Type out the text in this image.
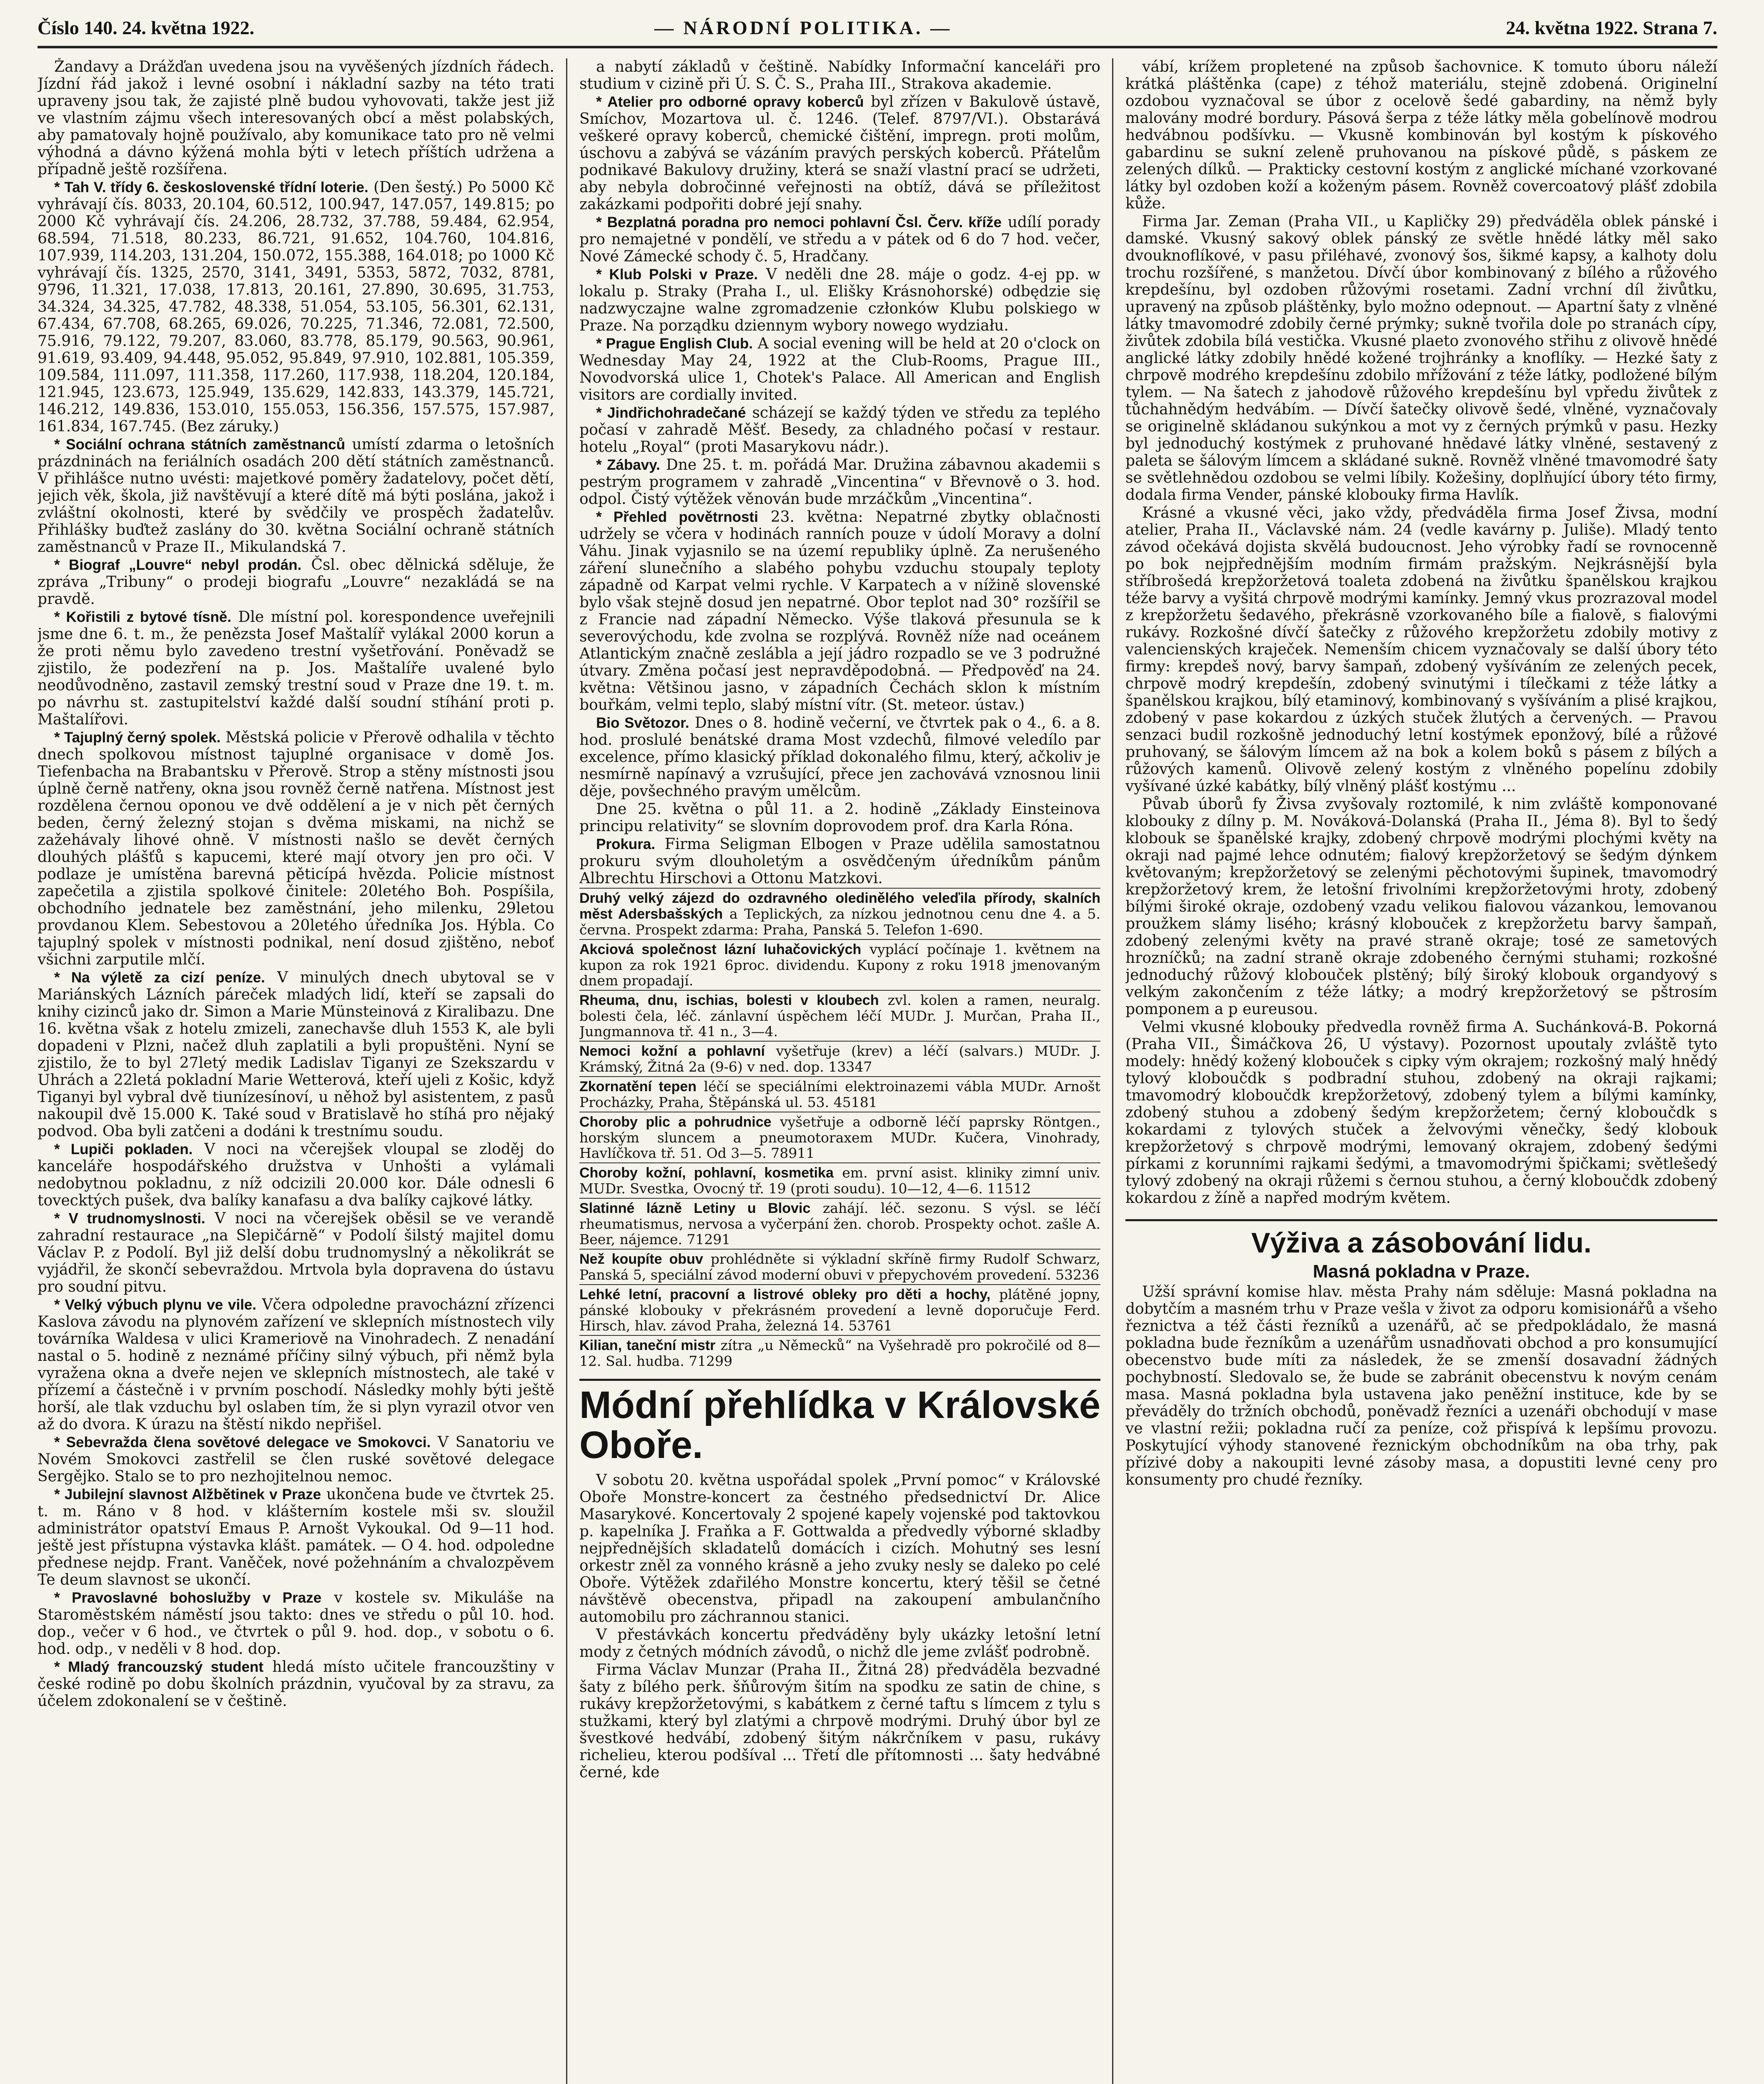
Číslo 140. 24. května 1922.	— NÁRODNÍ POLITIKA. —	24. května 1922. Strana 7.

Žandavy a Drážďan uvedena jsou na vyvěšených jízdních řádech. Jízdní řád jakož i levné osobní i nákladní sazby na této trati upraveny jsou tak, že zajisté plně budou vyhovovati, takže jest již ve vlastním zájmu všech interesovaných obcí a měst polabských, aby pamatovaly hojně používalo, aby komunikace tato pro ně velmi výhodná a dávno kýžená mohla býti v letech příštích udržena a případně ještě rozšířena.

* Tah V. třídy 6. československé třídní loterie. (Den šestý.) Po 5000 Kč vyhrávají čís. 8033, 20.104, 60.512, 100.947, 147.057, 149.815; po 2000 Kč vyhrávají čís. 24.206, 28.732, 37.788, 59.484, 62.954, 68.594, 71.518, 80.233, 86.721, 91.652, 104.760, 104.816, 107.939, 114.203, 131.204, 150.072, 155.388, 164.018; po 1000 Kč vyhrávají čís. 1325, 2570, 3141, 3491, 5353, 5872, 7032, 8781, 9796, 11.321, 17.038, 17.813, 20.161, 27.890, 30.695, 31.753, 34.324, 34.325, 47.782, 48.338, 51.054, 53.105, 56.301, 62.131, 67.434, 67.708, 68.265, 69.026, 70.225, 71.346, 72.081, 72.500, 75.916, 79.122, 79.207, 83.060, 83.778, 85.179, 90.563, 90.961, 91.619, 93.409, 94.448, 95.052, 95.849, 97.910, 102.881, 105.359, 109.584, 111.097, 111.358, 117.260, 117.938, 118.204, 120.184, 121.945, 123.673, 125.949, 135.629, 142.833, 143.379, 145.721, 146.212, 149.836, 153.010, 155.053, 156.356, 157.575, 157.987, 161.834, 167.745. (Bez záruky.)

* Sociální ochrana státních zaměstnanců umístí zdarma o letošních prázdninách na feriálních osadách 200 dětí státních zaměstnanců. V přihlášce nutno uvésti: majetkové poměry žadatelovy, počet dětí, jejich věk, škola, již navštěvují a které dítě má býti poslána, jakož i zvláštní okolnosti, které by svědčily ve prospěch žadatelův. Přihlášky buďtež zaslány do 30. května Sociální ochraně státních zaměstnanců v Praze II., Mikulandská 7.

* Biograf „Louvre“ nebyl prodán. Čsl. obec dělnická sděluje, že zpráva „Tribuny“ o prodeji biografu „Louvre“ nezakládá se na pravdě.

* Kořistili z bytové tísně. Dle místní pol. korespondence uveřejnili jsme dne 6. t. m., že penězsta Josef Maštalíř vylákal 2000 korun a že proti němu bylo zavedeno trestní vyšetřování. Poněvadž se zjistilo, že podezření na p. Jos. Maštalíře uvalené bylo neodůvodněno, zastavil zemský trestní soud v Praze dne 19. t. m. po návrhu st. zastupitelství každé další soudní stíhání proti p. Maštalířovi.

* Tajuplný černý spolek. Městská policie v Přerově odhalila v těchto dnech spolkovou místnost tajuplné organisace v domě Jos. Tiefenbacha na Brabantsku v Přerově. Strop a stěny místnosti jsou úplně černě natřeny, okna jsou rovněž černě natřena. Místnost jest rozdělena černou oponou ve dvě oddělení a je v nich pět černých beden, černý železný stojan s dvěma miskami, na nichž se zažehávaly lihové ohně. V místnosti našlo se devět černých dlouhých plášťů s kapucemi, které mají otvory jen pro oči. V podlaze je umístěna barevná pěticípá hvězda. Policie místnost zapečetila a zjistila spolkové činitele: 20letého Boh. Pospíšila, obchodního jednatele bez zaměstnání, jeho milenku, 29letou provdanou Klem. Sebestovou a 20letého úředníka Jos. Hýbla. Co tajuplný spolek v místnosti podnikal, není dosud zjištěno, neboť všichni zarputile mlčí.

* Na výletě za cizí peníze. V minulých dnech ubytoval se v Mariánských Lázních páreček mladých lidí, kteří se zapsali do knihy cizinců jako dr. Simon a Marie Münsteinová z Kiralibazu. Dne 16. května však z hotelu zmizeli, zanechavše dluh 1553 K, ale byli dopadeni v Plzni, načež dluh zaplatili a byli propuštěni. Nyní se zjistilo, že to byl 27letý medik Ladislav Tiganyi ze Szekszardu v Uhrách a 22letá pokladní Marie Wetterová, kteří ujeli z Košic, když Tiganyi byl vybral dvě tiunízesínoví, u něhož byl asistentem, z pasů nakoupil dvě 15.000 K. Také soud v Bratislavě ho stíhá pro nějaký podvod. Oba byli zatčeni a dodáni k trestnímu soudu.

* Lupiči pokladen. V noci na včerejšek vloupal se zloděj do kanceláře hospodářského družstva v Unhošti a vylámali nedobytnou pokladnu, z níž odcizili 20.000 kor. Dále odnesli 6 tovecktých pušek, dva balíky kanafasu a dva balíky cajkové látky.

* V trudnomyslnosti. V noci na včerejšek oběsil se ve verandě zahradní restaurace „na Slepičárně“ v Podolí šilstý majitel domu Václav P. z Podolí. Byl již delší dobu trudnomyslný a několikrát se vyjádřil, že skončí sebevraždou. Mrtvola byla dopravena do ústavu pro soudní pitvu.

* Velký výbuch plynu ve vile. Včera odpoledne pravocházní zřízenci Kaslova závodu na plynovém zařízení ve sklepních místnostech vily továrníka Waldesa v ulici Krameriově na Vinohradech. Z nenadání nastal o 5. hodině z neznámé příčiny silný výbuch, při němž byla vyražena okna a dveře nejen ve sklepních místnostech, ale také v přízemí a částečně i v prvním poschodí. Následky mohly býti ještě horší, ale tlak vzduchu byl oslaben tím, že si plyn vyrazil otvor ven až do dvora. K úrazu na štěstí nikdo nepřišel.

* Sebevražda člena sovětové delegace ve Smokovci. V Sanatoriu ve Novém Smokovci zastřelil se člen ruské sovětové delegace Sergějko. Stalo se to pro nezhojitelnou nemoc.

* Jubilejní slavnost Alžbětinek v Praze ukončena bude ve čtvrtek 25. t. m. Ráno v 8 hod. v klášterním kostele mši sv. sloužil administrátor opatství Emaus P. Arnošt Vykoukal. Od 9—11 hod. ještě jest přístupna výstavka klášt. památek. — O 4. hod. odpoledne přednese nejdp. Frant. Vaněček, nové požehnáním a chvalozpěvem Te deum slavnost se ukončí.

* Pravoslavné bohoslužby v Praze v kostele sv. Mikuláše na Staroměstském náměstí jsou takto: dnes ve středu o půl 10. hod. dop., večer v 6 hod., ve čtvrtek o půl 9. hod. dop., v sobotu o 6. hod. odp., v neděli v 8 hod. dop.

* Mladý francouzský student hledá místo učitele francouzštiny v české rodině po dobu školních prázdnin, vyučoval by za stravu, za účelem zdokonalení se v češtině.

a nabytí základů v češtině. Nabídky Informační kanceláři pro studium v cizině při Ú. S. Č. S., Praha III., Strakova akademie.

* Atelier pro odborné opravy koberců byl zřízen v Bakulově ústavě, Smíchov, Mozartova ul. č. 1246. (Telef. 8797/VI.). Obstarává veškeré opravy koberců, chemické čištění, impregn. proti molům, úschovu a zabývá se vázáním pravých perských koberců. Přátelům podnikavé Bakulovy družiny, která se snaží vlastní prací se udržeti, aby nebyla dobročinné veřejnosti na obtíž, dává se příležitost zakázkami podpořiti dobré její snahy.

* Bezplatná poradna pro nemoci pohlavní Čsl. Červ. kříže udílí porady pro nemajetné v pondělí, ve středu a v pátek od 6 do 7 hod. večer, Nové Zámecké schody č. 5, Hradčany.

* Klub Polski v Praze. V neděli dne 28. máje o godz. 4-ej pp. w lokalu p. Straky (Praha I., ul. Elišky Krásnohorské) odbędzie się nadzwyczajne walne zgromadzenie członków Klubu polskiego w Praze. Na porządku dziennym wybory nowego wydziału.

* Prague English Club. A social evening will be held at 20 o'clock on Wednesday May 24, 1922 at the Club-Rooms, Prague III., Novodvorská ulice 1, Chotek's Palace. All American and English visitors are cordially invited.

* Jindřichohradečané scházejí se každý týden ve středu za teplého počasí v zahradě Měšť. Besedy, za chladného počasí v restaur. hotelu „Royal“ (proti Masarykovu nádr.).

* Zábavy. Dne 25. t. m. pořádá Mar. Družina zábavnou akademii s pestrým programem v zahradě „Vincentina“ v Břevnově o 3. hod. odpol. Čistý výtěžek věnován bude mrzáčkům „Vincentina“.

* Přehled povětrnosti 23. května: Nepatrné zbytky oblačnosti udržely se včera v hodinách ranních pouze v údolí Moravy a dolní Váhu. Jinak vyjasnilo se na území republiky úplně. Za nerušeného záření slunečního a slabého pohybu vzduchu stoupaly teploty západně od Karpat velmi rychle. V Karpatech a v nížině slovenské bylo však stejně dosud jen nepatrné. Obor teplot nad 30° rozšířil se z Francie nad západní Německo. Výše tlaková přesunula se k severovýchodu, kde zvolna se rozplývá. Rovněž níže nad oceánem Atlantickým značně zeslábla a její jádro rozpadlo se ve 3 podružné útvary. Změna počasí jest nepravděpodobná. — Předpověď na 24. května: Většinou jasno, v západních Čechách sklon k místním bouřkám, velmi teplo, slabý místní vítr. (St. meteor. ústav.)

Bio Světozor. Dnes o 8. hodině večerní, ve čtvrtek pak o 4., 6. a 8. hod. proslulé benátské drama Most vzdechů, filmové veledílo par excelence, přímo klasický příklad dokonalého filmu, který, ačkoliv je nesmírně napínavý a vzrušující, přece jen zachovává vznosnou linii děje, povšechného pravým umělcům.

Dne 25. května o půl 11. a 2. hodině „Základy Einsteinova principu relativity“ se slovním doprovodem prof. dra Karla Róna.

Prokura. Firma Seligman Elbogen v Praze udělila samostatnou prokuru svým dlouholetým a osvědčeným úředníkům pánům Albrechtu Hirschovi a Ottonu Matzkovi.

Druhý velký zájezd do ozdravného oledinělého veleďila přírody, skalních měst Adersbašských a Teplických, za nízkou jednotnou cenu dne 4. a 5. června. Prospekt zdarma: Praha, Panská 5. Telefon 1-690.

Akciová společnost lázní luhačovických vyplácí počínaje 1. květnem na kupon za rok 1921 6proc. dividendu. Kupony z roku 1918 jmenovaným dnem propadají.

Rheuma, dnu, ischias, bolesti v kloubech zvl. kolen a ramen, neuralg. bolesti čela, léč. zánlavní úspěchem léčí MUDr. J. Murčan, Praha II., Jungmannova tř. 41 n., 3—4.

Nemoci kožní a pohlavní vyšetřuje (krev) a léčí (salvars.) MUDr. J. Krámský, Žitná 2a (9-6) v ned. dop. 13347

Zkornatění tepen léčí se speciálními elektroinazemi vábla MUDr. Arnošt Procházky, Praha, Štěpánská ul. 53. 45181

Choroby plic a pohrudnice vyšetřuje a odborně léčí paprsky Röntgen., horským sluncem a pneumotoraxem MUDr. Kučera, Vinohrady, Havlíčkova tř. 51. Od 3—5. 78911

Choroby kožní, pohlavní, kosmetika em. první asist. kliniky zimní univ. MUDr. Svestka, Ovocný tř. 19 (proti soudu). 10—12, 4—6. 11512

Slatinné lázně Letiny u Blovic zahájí. léč. sezonu. S výsl. se léčí rheumatismus, nervosa a vyčerpání žen. chorob. Prospekty ochot. zašle A. Beer, nájemce. 71291

Než koupíte obuv prohlédněte si výkladní skříně firmy Rudolf Schwarz, Panská 5, speciální závod moderní obuvi v přepychovém provedení. 53236

Lehké letní, pracovní a listrové oblekу pro děti a hochy, plátěné jopny, pánské klobouky v překrásném provedení a levně doporučuje Ferd. Hirsch, hlav. závod Praha, železná 14. 53761

Kilian, taneční mistr zítra „u Německů“ na Vyšehradě pro pokročilé od 8—12. Sal. hudba. 71299

Módní přehlídka v Královské Oboře.

V sobotu 20. května uspořádal spolek „První pomoc“ v Královské Oboře Monstre-koncert za čestného předsednictví Dr. Alice Masarykové. Koncertovaly 2 spojené kapely vojenské pod taktovkou p. kapelníka J. Fraňka a F. Gottwalda a předvedly výborné skladby nejpřednějších skladatelů domácích i cizích. Mohutný ses lesní orkestr zněl za vonného krásně a jeho zvuky nesly se daleko po celé Oboře. Výtěžek zdařilého Monstre koncertu, který těšil se četné návštěvě obecenstva, připadl na zakoupení ambulančního automobilu pro záchrannou stanici.

V přestávkách koncertu předváděny byly ukázky letošní letní mody z četných módních závodů, o nichž dle jeme zvlášť podrobně.

Firma Václav Munzar (Praha II., Žitná 28) předváděla bezvadné šaty z bílého perk. šňůrovým šitím na spodku ze satin de chine, s rukávy krepžoržetovými, s kabátkem z černé taftu s límcem z tylu s stužkami, který byl zlatými a chrpově modrými. Druhý úbor byl ze švestkové hedvábí, zdobený šitým nákrčníkem v pasu, rukávy richelieu, kterou podšíval ... Třetí dle přítomnosti ... šaty hedvábné černé, kde

vábí, krížem propletené na způsob šachovnice. K tomuto úboru náleží krátká pláštěnka (cape) z téhož materiálu, stejně zdobená. Originelní ozdobou vyznačoval se úbor z ocelově šedé gabardiny, na němž byly malovány modré bordury. Pásová šerpa z téže látky měla gobelínově modrou hedvábnou podšívku. — Vkusně kombinován byl kostým k pískového gabardinu se sukní zeleně pruhovanou na pískové půdě, s páskem ze zelených dílků. — Prakticky cestovní kostým z anglické míchané vzorkované látky byl ozdoben koží a koženým pásem. Rovněž covercoatový plášť zdobila kůže.

Firma Jar. Zeman (Praha VII., u Kapličky 29) předváděla oblek pánské i damské. Vkusný sakový oblek pánský ze světle hnědé látky měl sako dvouknoflíkové, v pasu přiléhavé, zvonový šos, šikmé kapsy, a kalhoty dolu trochu rozšířené, s manžetou. Dívčí úbor kombinovaný z bílého a růžového krepdešínu, byl ozdoben růžovými rosetami. Zadní vrchní díl živůtku, upravený na způsob pláštěnky, bylo možno odepnout. — Apartní šaty z vlněné látky tmavomodré zdobily černé prýmky; sukně tvořila dole po stranách cípy, živůtek zdobila bílá vestička. Vkusné plaeto zvonového střihu z olivově hnědé anglické látky zdobily hnědé kožené trojhránky a knoflíky. — Hezké šaty z chrpově modrého krepdešínu zdobilo mřížování z téže látky, podložené bílým tylem. — Na šatech z jahodově růžového krepdešínu byl vpředu živůtek z tůchahnědým hedvábím. — Dívčí šatečky olivově šedé, vlněné, vyznačovaly se originelně skládanou sukýnkou a mot vy z černých prýmků v pasu. Hezky byl jednoduchý kostýmek z pruhované hnědavé látky vlněné, sestavený z paleta se šálovým límcem a skládané sukně. Rovněž vlněné tmavomodré šaty se světlehnědou ozdobou se velmi líbily. Kožešiny, doplňující úbory této firmy, dodala firma Vender, pánské klobouky firma Havlík.

Krásné a vkusné věci, jako vždy, předváděla firma Josef Živsa, modní atelier, Praha II., Václavské nám. 24 (vedle kavárny p. Juliše). Mladý tento závod očekává dojista skvělá budoucnost. Jeho výrobky řadí se rovnocenně po bok nejpřednějším modním firmám pražským. Nejkrásnější byla stříbrošedá krepžoržetová toaleta zdobená na živůtku španělskou krajkou téže barvy a vyšitá chrpově modrými kamínky. Jemný vkus prozrazoval model z krepžoržetu šedavého, překrásně vzorkovaného bíle a fialově, s fialovými rukávy. Rozkošné dívčí šatečky z růžového krepžoržetu zdobily motivy z valencienských kraječek. Nemenším chicem vyznačovaly se další úbory této firmy: krepdeš nový, barvy šampaň, zdobený vyšíváním ze zelených pecek, chrpově modrý krepdešín, zdobený svinutými i tílečkami z téže látky a španělskou krajkou, bílý etaminový, kombinovaný s vyšíváním a plisé krajkou, zdobený v pase kokardou z úzkých stuček žlutých a červených. — Pravou senzaci budil rozkošně jednoduchý letní kostýmek eponžový, bílé a růžové pruhovaný, se šálovým límcem až na bok a kolem boků s pásem z bílých a růžových kamenů. Olivově zelený kostým z vlněného popelínu zdobily vyšívané úzké kabátky, bílý vlněný plášť kostýmu ...

Půvab úborů fy Živsa zvyšovaly roztomilé, k nim zvláště komponované klobouky z dílny p. M. Nováková-Dolanská (Praha II., Jéma 8). Byl to šedý klobouk se španělské krajky, zdobený chrpově modrými plochými květy na okraji nad pajmé lehce odnutém; fialový krepžoržetový se šedým dýnkem květovaným; krepžoržetový se zelenými pěchotovými šupinek, tmavomodrý krepžoržetový krem, že letošní frivolními krepžoržetovými hroty, zdobený bílými široké okraje, ozdobený vzadu velikou fialovou vázankou, lemovanou proužkem slámy lisého; krásný klobouček z krepžoržetu barvy šampaň, zdobený zelenými květy na pravé straně okraje; tosé ze sametových hrozníčků; na zadní straně okraje zdobeného černými stuhami; rozkošné jednoduchý růžový klobouček plstěný; bílý široký klobouk organdyový s velkým zakončením z téže látky; a modrý krepžoržetový se pštrosím pomponem a p eureusou.

Velmi vkusné klobouky předvedla rovněž firma A. Suchánková-B. Pokorná (Praha VII., Šimáčkova 26, U výstavy). Pozornost upoutaly zvláště tyto modely: hnědý kožený klobouček s cipky vým okrajem; rozkošný malý hnědý tylový kloboučdk s podbradní stuhou, zdobený na okraji rajkami; tmavomodrý kloboučdk krepžoržetový, zdobený tylem a bílými kamínky, zdobený stuhou a zdobený šedým krepžoržetem; černý kloboučdk s kokardami z tylových stuček a želvovými věnečky, šedý klobouk krepžoržetový s chrpově modrými, lemovaný okrajem, zdobený šedými pírkami z korunními rajkami šedými, a tmavomodrými špičkami; světlešedý tylový zdobený na okraji růžemi s černou stuhou, a černý kloboučdk zdobený kokardou z žíně a napřed modrým květem.

Výživa a zásobování lidu.
Masná pokladna v Praze.

Užší správní komise hlav. města Prahy nám sděluje: Masná pokladna na dobytčím a masném trhu v Praze vešla v život za odporu komisionářů a všeho řeznictva a též části řezníků a uzenářů, ač se předpokládalo, že masná pokladna bude řezníkům a uzenářům usnadňovati obchod a pro konsumující obecenstvo bude míti za následek, že se zmenší dosavadní žádných pochybností. Sledovalo se, že bude se zabránit obecenstvu k novým cenám masa. Masná pokladna byla ustavena jako peněžní instituce, kde by se převáděly do tržních obchodů, poněvadž řezníci a uzenáři obchodují v mase ve vlastní režii; pokladna ručí za peníze, což přispívá k lepšímu provozu. Poskytující výhody stanovené řeznickým obchodníkům na oba trhy, pak přízivé doby a nakoupiti levné zásoby masa, a dopustiti levné ceny pro konsumenty pro chudé řezníky.
